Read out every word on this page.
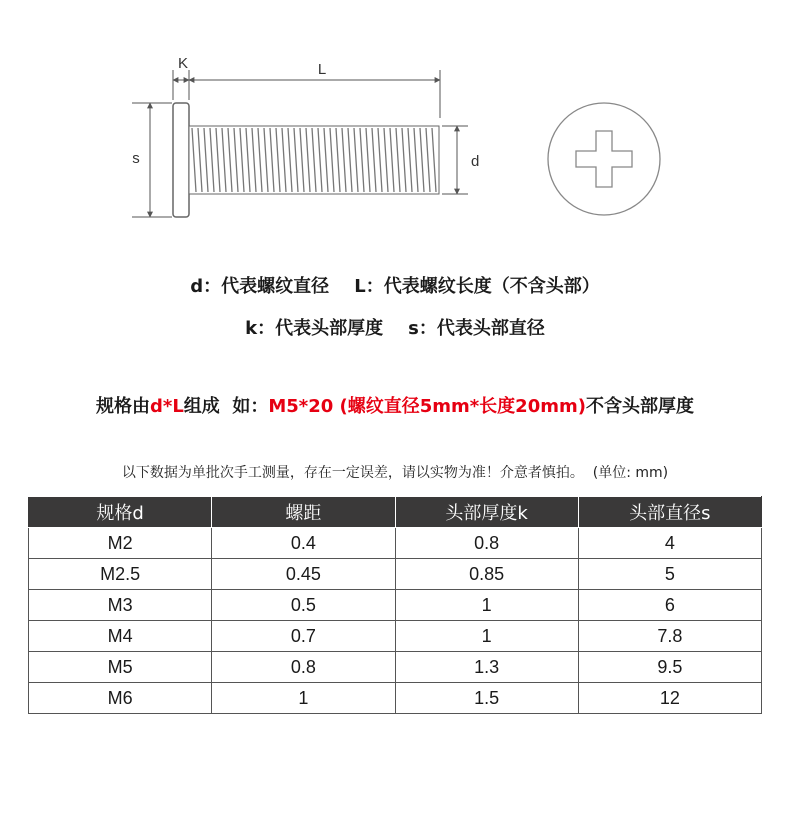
K	L
s	d
d：代表螺纹直径 L：代表螺纹长度（不含头部）
k：代表头部厚度 s：代表头部直径
规格由d*L组成  如：M5*20 (螺纹直径5mm*长度20mm)不含头部厚度
以下数据为单批次手工测量，存在一定误差，请以实物为准！介意者慎拍。  (单位: mm)
规格d	螺距	头部厚度k	头部直径s
M2	0.4	0.8	4
M2.5	0.45	0.85	5
M3	0.5	1	6
M4	0.7	1	7.8
M5	0.8	1.3	9.5
M6	1	1.5	12
